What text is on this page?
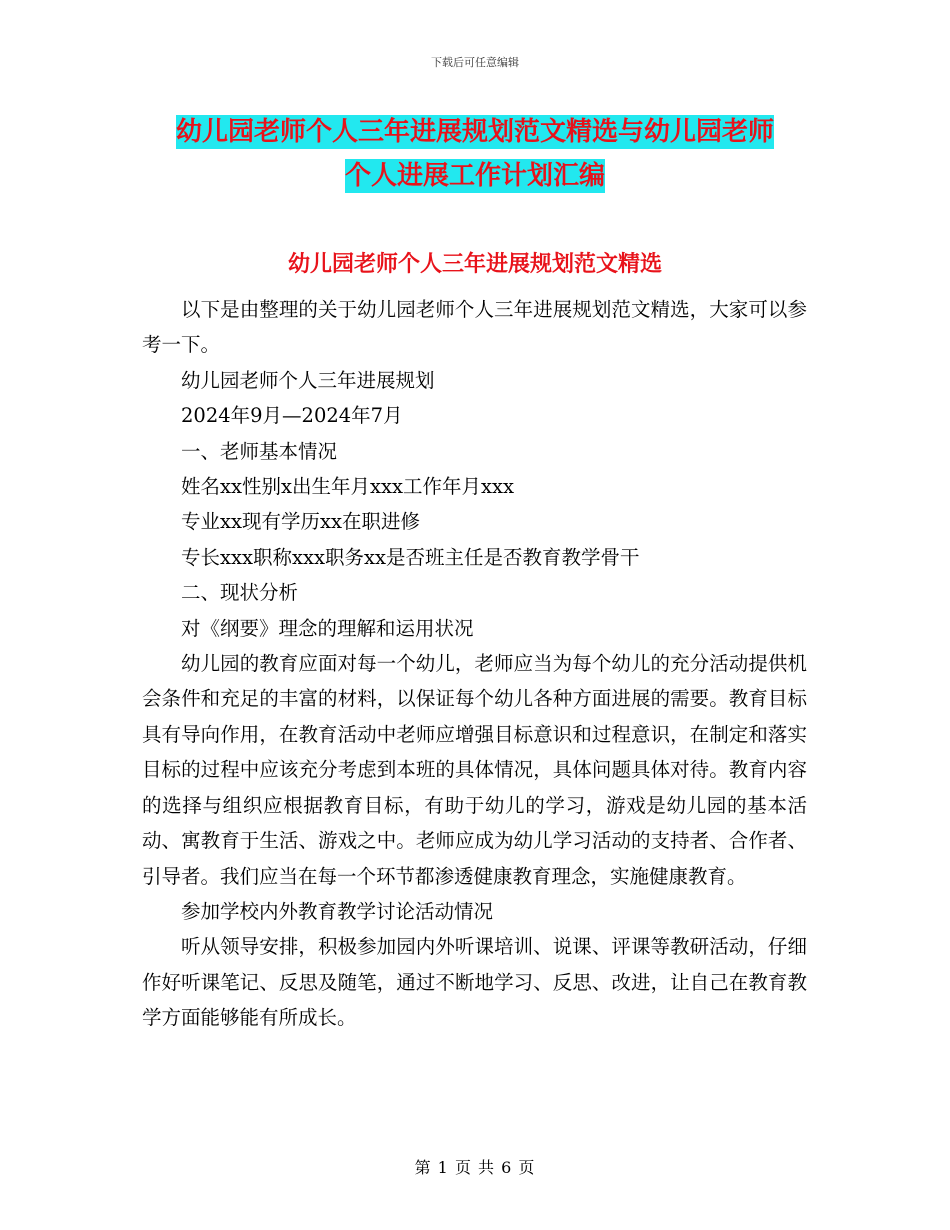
下载后可任意编辑
幼儿园老师个人三年进展规划范文精选与幼儿园老师
个人进展工作计划汇编
幼儿园老师个人三年进展规划范文精选

以下是由整理的关于幼儿园老师个人三年进展规划范文精选，大家可以参考一下。

幼儿园老师个人三年进展规划

2024年9月—2024年7月

一、老师基本情况

姓名xx性别x出生年月xxx工作年月xxx

专业xx现有学历xx在职进修

专长xxx职称xxx职务xx是否班主任是否教育教学骨干

二、现状分析

对《纲要》理念的理解和运用状况

幼儿园的教育应面对每一个幼儿，老师应当为每个幼儿的充分活动提供机会条件和充足的丰富的材料，以保证每个幼儿各种方面进展的需要。教育目标具有导向作用，在教育活动中老师应增强目标意识和过程意识，在制定和落实目标的过程中应该充分考虑到本班的具体情况，具体问题具体对待。教育内容的选择与组织应根据教育目标，有助于幼儿的学习，游戏是幼儿园的基本活动、寓教育于生活、游戏之中。老师应成为幼儿学习活动的支持者、合作者、引导者。我们应当在每一个环节都渗透健康教育理念，实施健康教育。

参加学校内外教育教学讨论活动情况

听从领导安排，积极参加园内外听课培训、说课、评课等教研活动，仔细作好听课笔记、反思及随笔，通过不断地学习、反思、改进，让自己在教育教学方面能够能有所成长。

第 1 页 共 6 页
